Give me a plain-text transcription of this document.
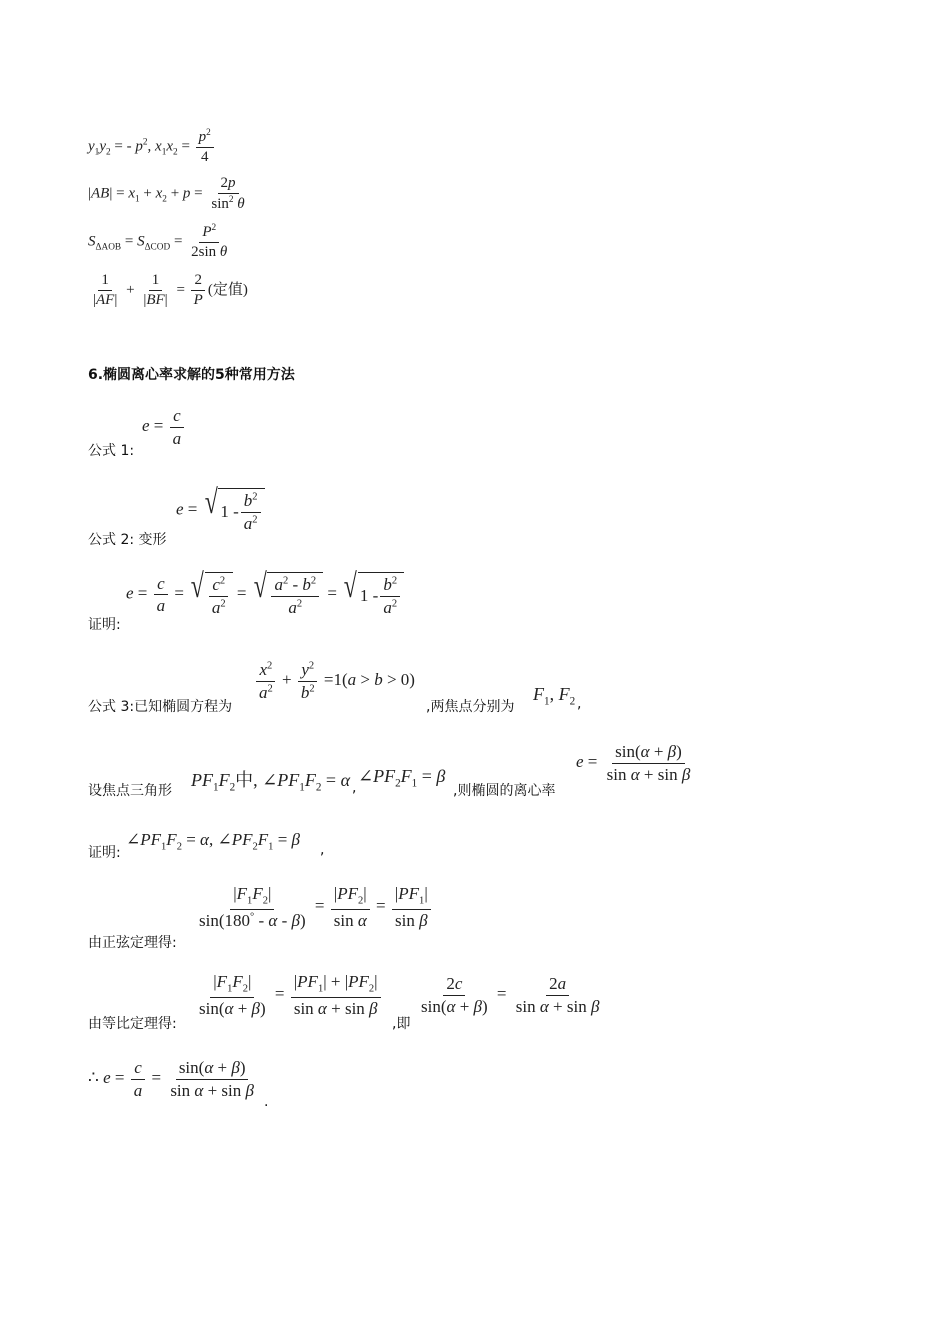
$y_1y_2$ = - $p^2$, $x_1x_2 = \frac{p^2}{4}$
$|AB| = x_1 + x_2 + p = \frac{2p}{\sin^2 \theta}$
$S_{\Delta AOB} = S_{\Delta COD} = \frac{P^2}{\text{2sin θ}}$
$\frac{1}{|AF|} + \frac{1}{|BF|} = \frac{2}{P}$ (定值)
6.椭圆离心率求解的5种常用方法
公式 1:
$e = \frac{c}{a}$
公式 2: 变形
e = √ $1 - \frac{b^2}{a^2}$
证明:
$e = \frac{c}{a}$ = √ $\frac{c^2}{a^2}$ = √ $\frac{a^2 - b^2}{a^2}$ = √ $1 - \frac{b^2}{a^2}$
公式 3:已知椭圆方程为
$\frac{x^2}{a^2} + \frac{y^2}{b^2} =1(a > b > 0)$
,两焦点分别为
$F_1$, $F_2$ ,
设焦点三角形
$PF_1F_2$中, $\angle PF_1F_2 = \alpha$ ,
$\angle PF_2F_1 = \beta$
,则椭圆的离心率
$e = \frac{\sin(\alpha + \beta)}{\text{sin α + sin β}}$
证明:
$\angle PF_1F_2 = \alpha$, $\angle PF_2F_1 = \beta$
,
由正弦定理得:
$\frac{|F_1F_2|}{\sin(180^\circ - \alpha - \beta)} = \frac{|PF_2|}{\text{sin α}} = \frac{|PF_1|}{\text{sin β}}$
由等比定理得:
$\frac{|F_1F_2|}{\sin(\alpha + \beta)} = \frac{|PF_1| + |PF_2|}{\text{sin α + sin β}}$
,即
$\frac{2c}{\sin(\alpha + \beta)} = \frac{2a}{\text{sin α + sin β}}$
∴ $e = \frac{c}{a} = \frac{\sin(\alpha + \beta)}{\text{sin α + sin β}}$
.
